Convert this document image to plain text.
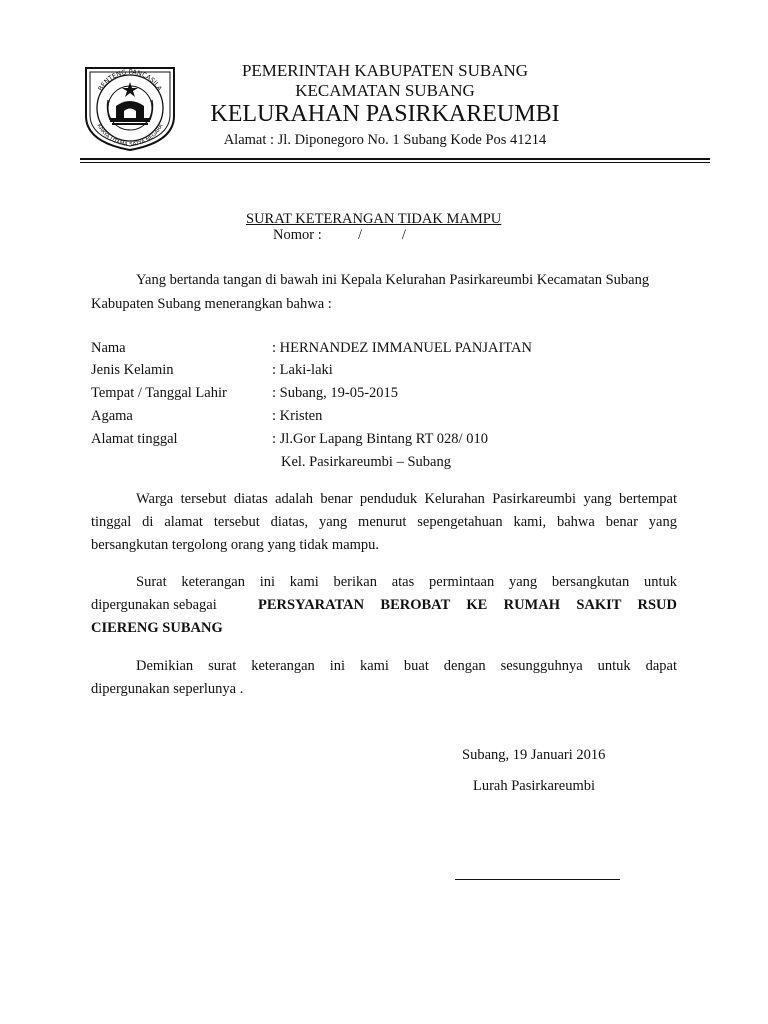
BENTENG PANCASILA
KARYA UTAMA SATYA NEGARA
PEMERINTAH KABUPATEN SUBANG
KECAMATAN SUBANG
KELURAHAN PASIRKAREUMBI
Alamat : Jl. Diponegoro No. 1 Subang Kode Pos 41214
SURAT KETERANGAN TIDAK MAMPU
Nomor :          /           /
Yang bertanda tangan di bawah ini Kepala Kelurahan Pasirkareumbi Kecamatan Subang
Kabupaten Subang menerangkan bahwa :
Nama	: HERNANDEZ IMMANUEL PANJAITAN
Jenis Kelamin	: Laki-laki
Tempat / Tanggal Lahir	: Subang, 19-05-2015
Agama	: Kristen
Alamat tinggal	: Jl.Gor Lapang Bintang RT 028/ 010
Kel. Pasirkareumbi – Subang
Warga tersebut diatas adalah benar penduduk Kelurahan Pasirkareumbi yang bertempat
tinggal di alamat tersebut diatas, yang menurut sepengetahuan kami, bahwa benar yang
bersangkutan tergolong orang yang tidak mampu.
Surat keterangan ini kami berikan atas permintaan yang bersangkutan untuk
dipergunakan sebagai	PERSYARATAN BEROBAT KE RUMAH SAKIT RSUD
CIERENG SUBANG
Demikian surat keterangan ini kami buat dengan sesungguhnya untuk dapat
dipergunakan seperlunya .
Subang, 19 Januari 2016
Lurah Pasirkareumbi
